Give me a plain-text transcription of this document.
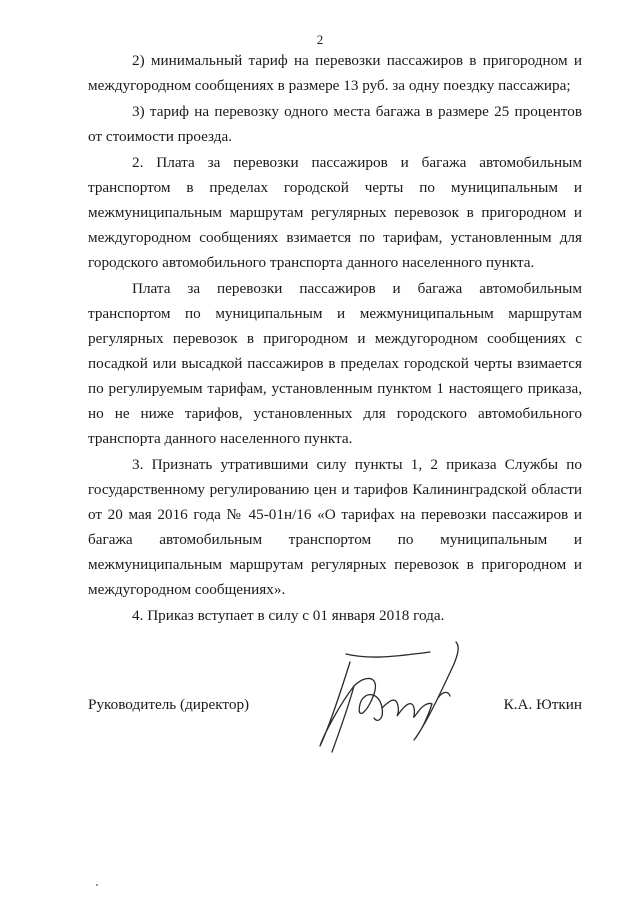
2

2) минимальный тариф на перевозки пассажиров в пригородном и междугородном сообщениях в размере 13 руб. за одну поездку пассажира;

3) тариф на перевозку одного места багажа в размере 25 процентов от стоимости проезда.

2. Плата за перевозки пассажиров и багажа автомобильным транспортом в пределах городской черты по муниципальным и межмуниципальным маршрутам регулярных перевозок в пригородном и междугородном сообщениях взимается по тарифам, установленным для городского автомобильного транспорта данного населенного пункта.

Плата за перевозки пассажиров и багажа автомобильным транспортом по муниципальным и межмуниципальным маршрутам регулярных перевозок в пригородном и междугородном сообщениях с посадкой или высадкой пассажиров в пределах городской черты взимается по регулируемым тарифам, установленным пунктом 1 настоящего приказа, но не ниже тарифов, установленных для городского автомобильного транспорта данного населенного пункта.

3. Признать утратившими силу пункты 1, 2 приказа Службы по государственному регулированию цен и тарифов Калининградской области от 20 мая 2016 года № 45-01н/16 «О тарифах на перевозки пассажиров и багажа автомобильным транспортом по муниципальным и межмуниципальным маршрутам регулярных перевозок в пригородном и междугородном сообщениях».

4. Приказ вступает в силу с 01 января 2018 года.

Руководитель (директор)	К.А. Юткин
